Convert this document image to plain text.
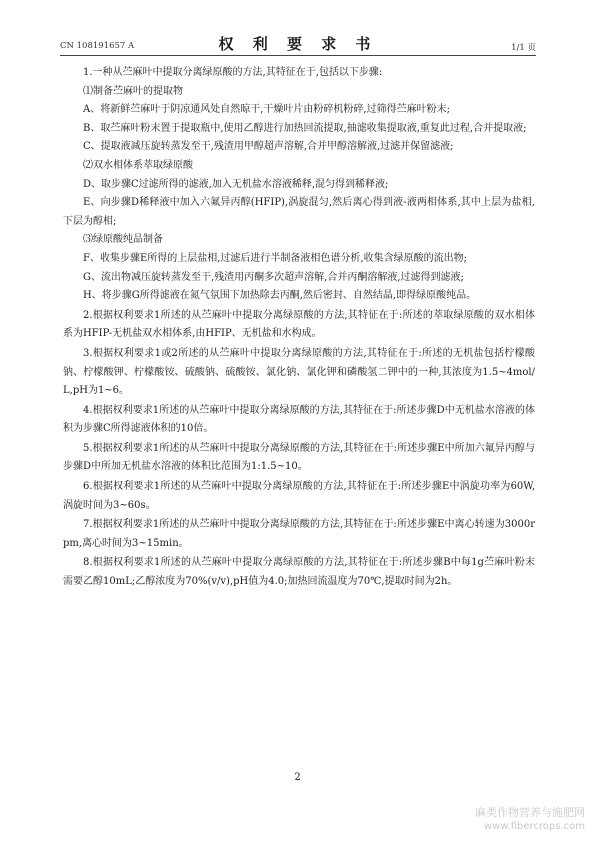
CN 108191657 A	权 利 要 求 书	1/1 页

1.一种从苎麻叶中提取分离绿原酸的方法,其特征在于,包括以下步骤:

⑴制备苎麻叶的提取物

A、将新鲜苎麻叶于阴凉通风处自然晾干,干燥叶片由粉碎机粉碎,过筛得苎麻叶粉末;

B、取苎麻叶粉末置于提取瓶中,使用乙醇进行加热回流提取,抽滤收集提取液,重复此过程,合并提取液;

C、提取液减压旋转蒸发至干,残渣用甲醇超声溶解,合并甲醇溶解液,过滤并保留滤液;

⑵双水相体系萃取绿原酸

D、取步骤C过滤所得的滤液,加入无机盐水溶液稀释,混匀得到稀释液;

E、向步骤D稀释液中加入六氟异丙醇(HFIP),涡旋混匀,然后离心得到液-液两相体系,其中上层为盐相,下层为醇相;

⑶绿原酸纯品制备

F、收集步骤E所得的上层盐相,过滤后进行半制备液相色谱分析,收集含绿原酸的流出物;

G、流出物减压旋转蒸发至干,残渣用丙酮多次超声溶解,合并丙酮溶解液,过滤得到滤液;

H、将步骤G所得滤液在氮气氛围下加热除去丙酮,然后密封、自然结晶,即得绿原酸纯品。

2.根据权利要求1所述的从苎麻叶中提取分离绿原酸的方法,其特征在于:所述的萃取绿原酸的双水相体系为HFIP-无机盐双水相体系,由HFIP、无机盐和水构成。

3.根据权利要求1或2所述的从苎麻叶中提取分离绿原酸的方法,其特征在于:所述的无机盐包括柠檬酸钠、柠檬酸钾、柠檬酸铵、硫酸钠、硫酸铵、氯化钠、氯化钾和磷酸氢二钾中的一种,其浓度为1.5~4mol/L,pH为1~6。

4.根据权利要求1所述的从苎麻叶中提取分离绿原酸的方法,其特征在于:所述步骤D中无机盐水溶液的体积为步骤C所得滤液体积的10倍。

5.根据权利要求1所述的从苎麻叶中提取分离绿原酸的方法,其特征在于:所述步骤E中所加六氟异丙醇与步骤D中所加无机盐水溶液的体积比范围为1:1.5~10。

6.根据权利要求1所述的从苎麻叶中提取分离绿原酸的方法,其特征在于:所述步骤E中涡旋功率为60W,涡旋时间为3~60s。

7.根据权利要求1所述的从苎麻叶中提取分离绿原酸的方法,其特征在于:所述步骤E中离心转速为3000rpm,离心时间为3~15min。

8.根据权利要求1所述的从苎麻叶中提取分离绿原酸的方法,其特征在于:所述步骤B中每1g苎麻叶粉末需要乙醇10mL;乙醇浓度为70%(v/v),pH值为4.0;加热回流温度为70℃,提取时间为2h。

2
麻类作物营养与施肥网
www.fibercrops.com
